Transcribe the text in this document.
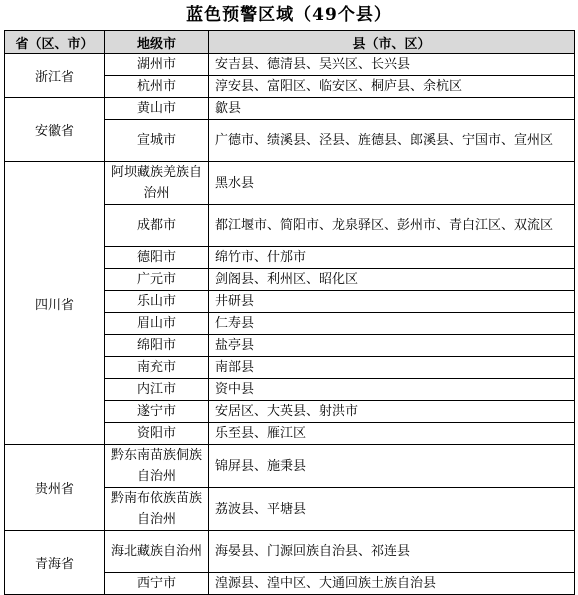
蓝色预警区域（49个县）
省（区、市）	地级市	县（市、区）
浙江省	湖州市	安吉县、德清县、吴兴区、长兴县
	杭州市	淳安县、富阳区、临安区、桐庐县、余杭区
安徽省	黄山市	歙县
	宣城市	广德市、绩溪县、泾县、旌德县、郎溪县、宁国市、宣州区
四川省	阿坝藏族羌族自治州	黑水县
	成都市	都江堰市、简阳市、龙泉驿区、彭州市、青白江区、双流区
	德阳市	绵竹市、什邡市
	广元市	剑阁县、利州区、昭化区
	乐山市	井研县
	眉山市	仁寿县
	绵阳市	盐亭县
	南充市	南部县
	内江市	资中县
	遂宁市	安居区、大英县、射洪市
	资阳市	乐至县、雁江区
贵州省	黔东南苗族侗族自治州	锦屏县、施秉县
	黔南布依族苗族自治州	荔波县、平塘县
青海省	海北藏族自治州	海晏县、门源回族自治县、祁连县
	西宁市	湟源县、湟中区、大通回族土族自治县
